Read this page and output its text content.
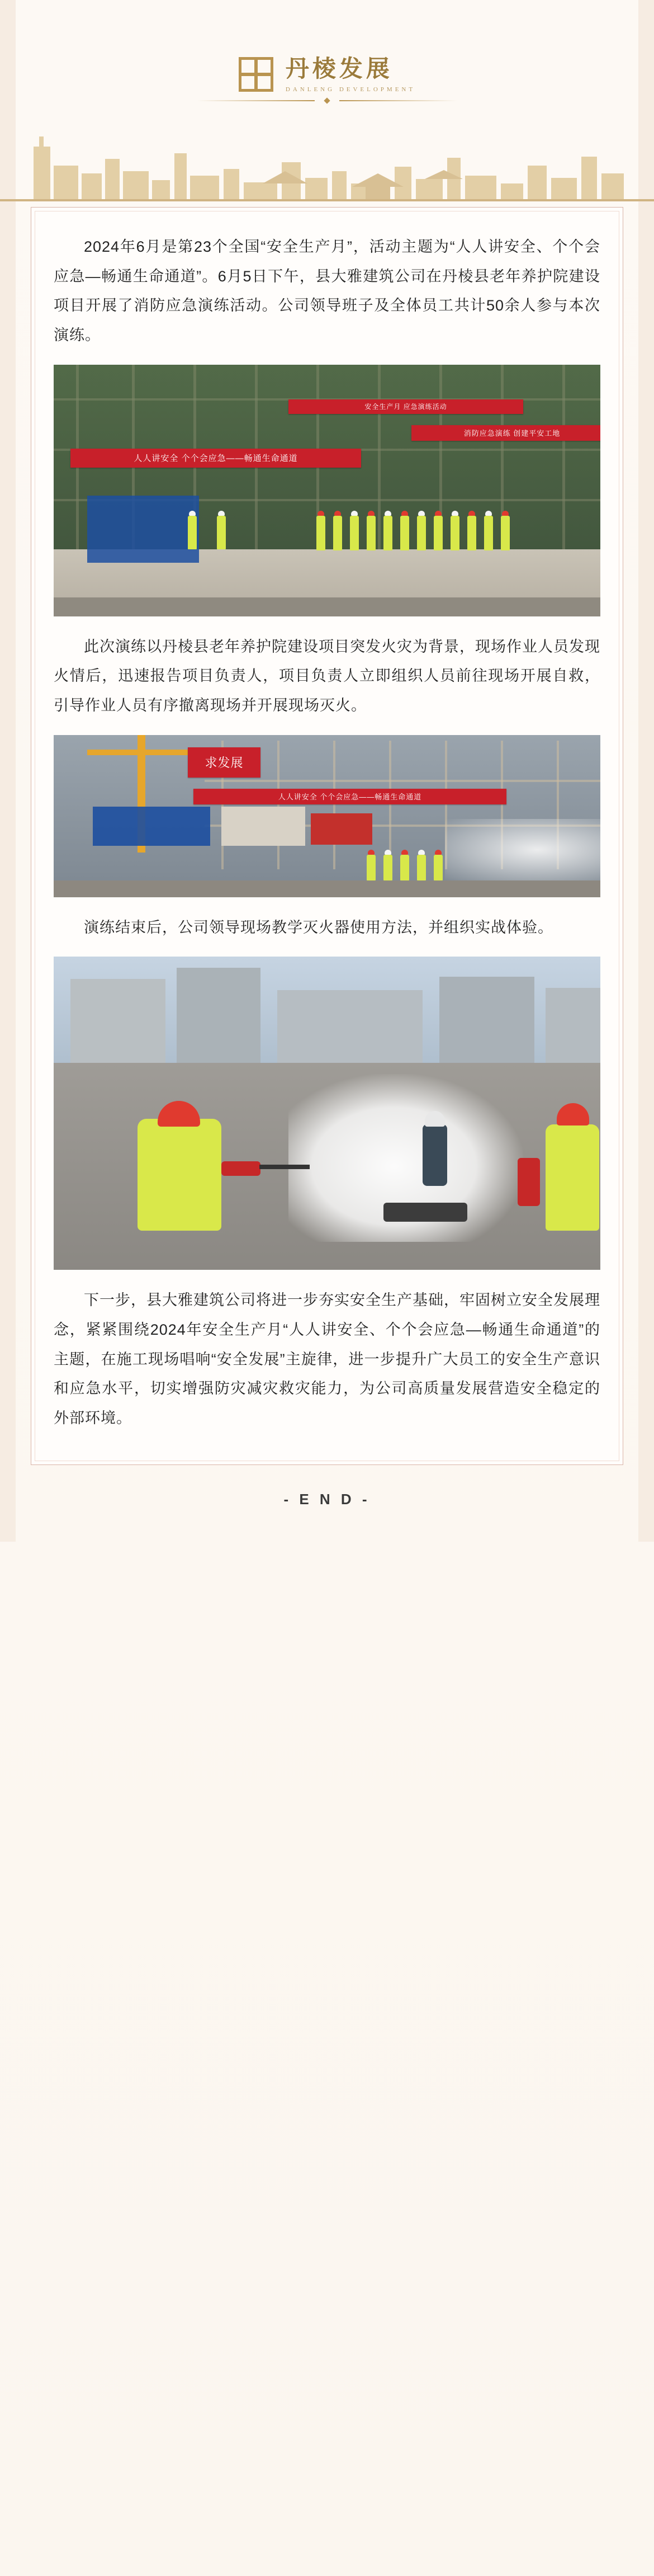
丹棱发展
DANLENG DEVELOPMENT

2024年6月是第23个全国“安全生产月”，活动主题为“人人讲安全、个个会应急—畅通生命通道”。6月5日下午，县大雅建筑公司在丹棱县老年养护院建设项目开展了消防应急演练活动。公司领导班子及全体员工共计50余人参与本次演练。

人人讲安全 个个会应急——畅通生命通道
消防应急演练 创建平安工地
安全生产月 应急演练活动

此次演练以丹棱县老年养护院建设项目突发火灾为背景，现场作业人员发现火情后，迅速报告项目负责人，项目负责人立即组织人员前往现场开展自救，引导作业人员有序撤离现场并开展现场灭火。

人人讲安全 个个会应急——畅通生命通道
求发展

演练结束后，公司领导现场教学灭火器使用方法，并组织实战体验。

下一步，县大雅建筑公司将进一步夯实安全生产基础，牢固树立安全发展理念，紧紧围绕2024年安全生产月“人人讲安全、个个会应急—畅通生命通道”的主题，在施工现场唱响“安全发展”主旋律，进一步提升广大员工的安全生产意识和应急水平，切实增强防灾减灾救灾能力，为公司高质量发展营造安全稳定的外部环境。

- E N D -
